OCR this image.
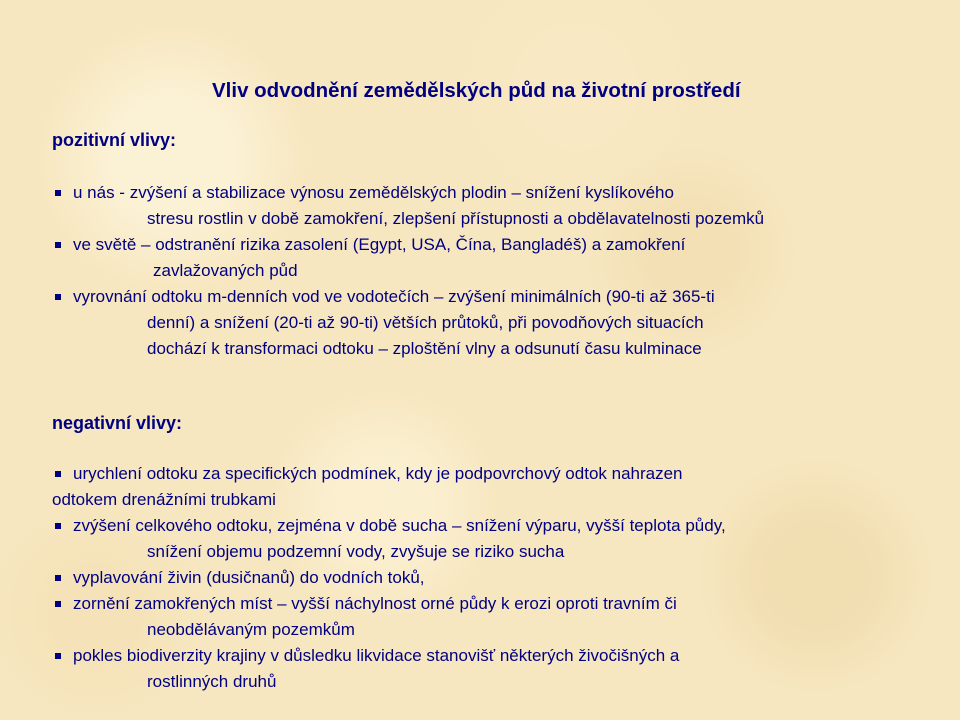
Vliv odvodnění zemědělských půd na životní prostředí
pozitivní vlivy:
u nás - zvýšení a stabilizace výnosu zemědělských plodin – snížení kyslíkového
stresu rostlin v době zamokření, zlepšení přístupnosti a obdělavatelnosti pozemků
ve světě – odstranění rizika zasolení (Egypt, USA, Čína, Bangladéš) a zamokření
zavlažovaných půd
vyrovnání odtoku m-denních vod ve vodotečích – zvýšení minimálních (90-ti až 365-ti
denní) a snížení (20-ti až 90-ti) větších průtoků, při povodňových situacích
dochází k transformaci odtoku – zploštění vlny a odsunutí času kulminace
negativní vlivy:
urychlení odtoku za specifických podmínek, kdy je podpovrchový odtok nahrazen
odtokem drenážními trubkami
zvýšení celkového odtoku, zejména v době sucha – snížení výparu, vyšší teplota půdy,
snížení objemu podzemní vody, zvyšuje se riziko sucha
vyplavování živin (dusičnanů) do vodních toků,
zornění zamokřených míst – vyšší náchylnost orné půdy k erozi oproti travním či
neobdělávaným pozemkům
pokles biodiverzity krajiny v důsledku likvidace stanovišť některých živočišných a
rostlinných druhů
